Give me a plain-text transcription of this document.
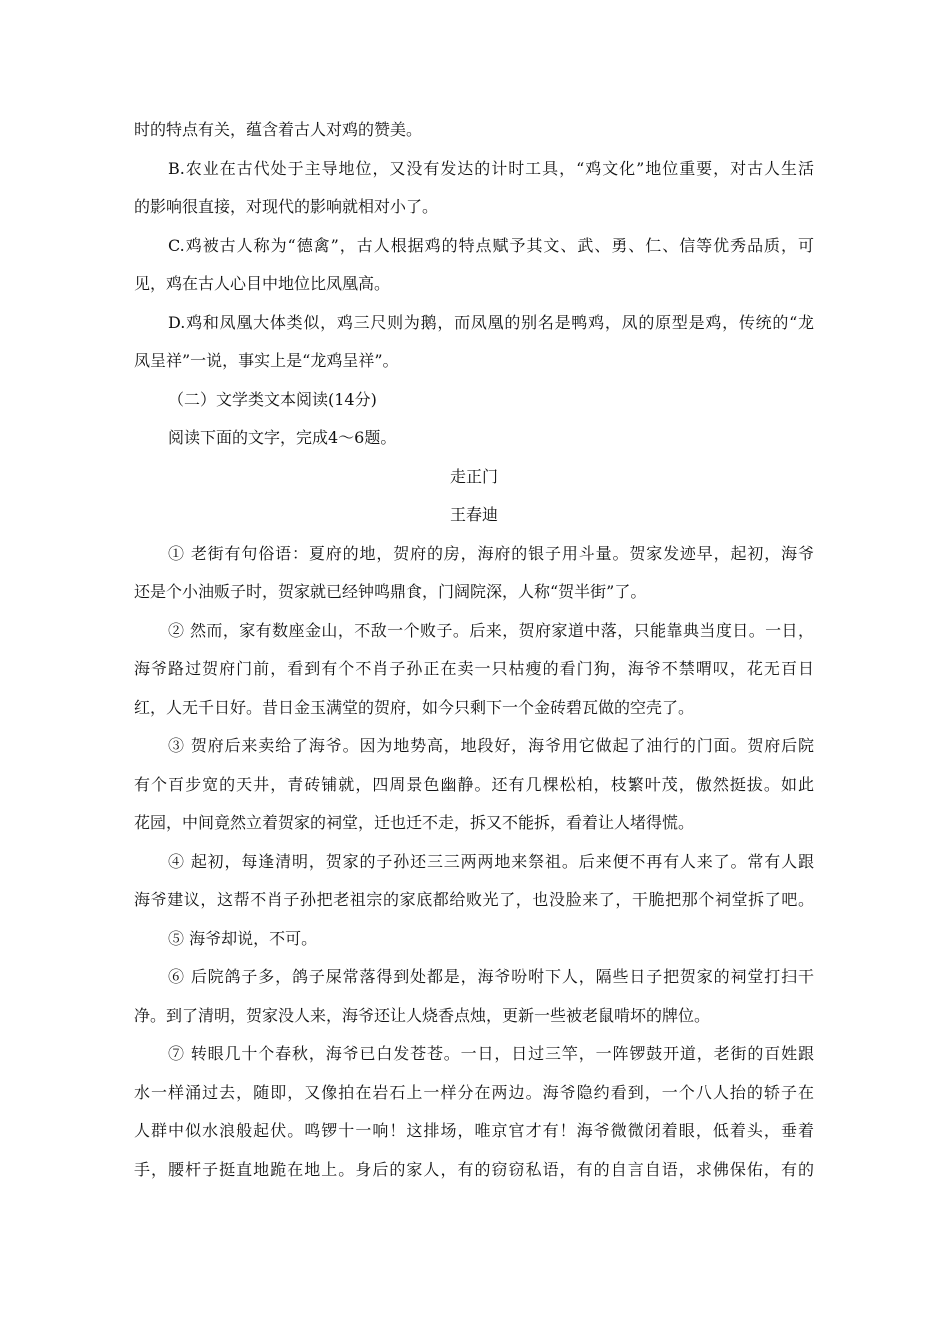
时的特点有关，蕴含着古人对鸡的赞美。

B.农业在古代处于主导地位，又没有发达的计时工具，“鸡文化”地位重要，对古人生活

的影响很直接，对现代的影响就相对小了。

C.鸡被古人称为“德禽”，古人根据鸡的特点赋予其文、武、勇、仁、信等优秀品质，可

见，鸡在古人心目中地位比凤凰高。

D.鸡和凤凰大体类似，鸡三尺则为鹅，而凤凰的别名是鸭鸡，凤的原型是鸡，传统的“龙

凤呈祥”一说，事实上是“龙鸡呈祥”。

（二）文学类文本阅读(14分)

阅读下面的文字，完成4～6题。

走正门

王春迪

① 老街有句俗语：夏府的地，贺府的房，海府的银子用斗量。贺家发迹早，起初，海爷

还是个小油贩子时，贺家就已经钟鸣鼎食，门阔院深，人称“贺半街”了。

② 然而，家有数座金山，不敌一个败子。后来，贺府家道中落，只能靠典当度日。一日，

海爷路过贺府门前，看到有个不肖子孙正在卖一只枯瘦的看门狗，海爷不禁喟叹，花无百日

红，人无千日好。昔日金玉满堂的贺府，如今只剩下一个金砖碧瓦做的空壳了。

③ 贺府后来卖给了海爷。因为地势高，地段好，海爷用它做起了油行的门面。贺府后院

有个百步宽的天井，青砖铺就，四周景色幽静。还有几棵松柏，枝繁叶茂，傲然挺拔。如此

花园，中间竟然立着贺家的祠堂，迁也迁不走，拆又不能拆，看着让人堵得慌。

④ 起初，每逢清明，贺家的子孙还三三两两地来祭祖。后来便不再有人来了。常有人跟

海爷建议，这帮不肖子孙把老祖宗的家底都给败光了，也没脸来了，干脆把那个祠堂拆了吧。

⑤ 海爷却说，不可。

⑥ 后院鸽子多，鸽子屎常落得到处都是，海爷吩咐下人，隔些日子把贺家的祠堂打扫干

净。到了清明，贺家没人来，海爷还让人烧香点烛，更新一些被老鼠啃坏的牌位。

⑦ 转眼几十个春秋，海爷已白发苍苍。一日，日过三竿，一阵锣鼓开道，老街的百姓跟

水一样涌过去，随即，又像拍在岩石上一样分在两边。海爷隐约看到，一个八人抬的轿子在

人群中似水浪般起伏。鸣锣十一响！这排场，唯京官才有！海爷微微闭着眼，低着头，垂着

手，腰杆子挺直地跪在地上。身后的家人，有的窃窃私语，有的自言自语，求佛保佑，有的
